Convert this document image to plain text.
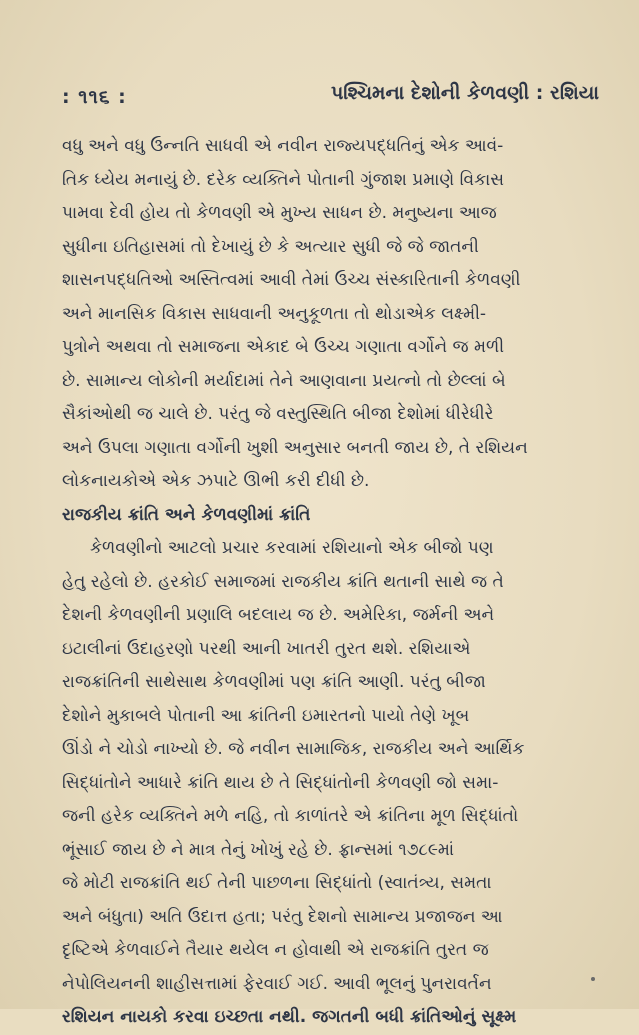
: ૧૧૬ :	પશ્ચિમના દેશોની કેળવણી : રશિયા
વધુ અને વધુ ઉન્નતિ સાધવી એ નવીન રાજ્યપદ્ધતિનું એક આવં-
તિક ધ્યેય મનાયું છે. દરેક વ્યક્તિને પોતાની ગુંજાશ પ્રમાણે વિકાસ
પામવા દેવી હોય તો કેળવણી એ મુખ્ય સાધન છે. મનુષ્યના આજ
સુધીના ઇતિહાસમાં તો દેખાયું છે કે અત્યાર સુધી જે જે જાતની
શાસનપદ્ધતિઓ અસ્તિત્વમાં આવી તેમાં ઉચ્ચ સંસ્કારિતાની કેળવણી
અને માનસિક વિકાસ સાધવાની અનુકૂળતા તો થોડાએક લક્ષ્મી-
પુત્રોને અથવા તો સમાજના એકાદ બે ઉચ્ચ ગણાતા વર્ગોને જ મળી
છે. સામાન્ય લોકોની મર્યાદામાં તેને આણવાના પ્રયત્નો તો છેલ્લાં બે
સૈકાંઓથી જ ચાલે છે. પરંતુ જે વસ્તુસ્થિતિ બીજા દેશોમાં ધીરેધીરે
અને ઉપલા ગણાતા વર્ગોની ખુશી અનુસાર બનતી જાય છે, તે રશિયન
લોકનાયકોએ એક ઝપાટે ઊભી કરી દીધી છે.
રાજકીય ક્રાંતિ અને કેળવણીમાં ક્રાંતિ
કેળવણીનો આટલો પ્રચાર કરવામાં રશિયાનો એક બીજો પણ
હેતુ રહેલો છે. હરકોઈ સમાજમાં રાજકીય ક્રાંતિ થતાની સાથે જ તે
દેશની કેળવણીની પ્રણાલિ બદલાય જ છે. અમેરિકા, જર્મની અને
ઇટાલીનાં ઉદાહરણો પરથી આની ખાતરી તુરત થશે. રશિયાએ
રાજક્રાંતિની સાથેસાથ કેળવણીમાં પણ ક્રાંતિ આણી. પરંતુ બીજા
દેશોને મુકાબલે પોતાની આ ક્રાંતિની ઇમારતનો પાયો તેણે ખૂબ
ઊંડો ને ચોડો નાખ્યો છે. જે નવીન સામાજિક, રાજકીય અને આર્થિક
સિદ્ધાંતોને આધારે ક્રાંતિ થાય છે તે સિદ્ધાંતોની કેળવણી જો સમા-
જની હરેક વ્યક્તિને મળે નહિ, તો કાળાંતરે એ ક્રાંતિના મૂળ સિદ્ધાંતો
ભૂંસાઈ જાય છે ને માત્ર તેનું ખોખું રહે છે. ફ્રાન્સમાં ૧૭૮૯માં
જે મોટી રાજક્રાંતિ થઈ તેની પાછળના સિદ્ધાંતો (સ્વાતંત્ર્ય, સમતા
અને બંધુતા) અતિ ઉદાત્ત હતા; પરંતુ દેશનો સામાન્ય પ્રજાજન આ
દૃષ્ટિએ કેળવાઈને તૈયાર થયેલ ન હોવાથી એ રાજક્રાંતિ તુરત જ
નેપોલિયનની શાહીસત્તામાં ફેરવાઈ ગઈ. આવી ભૂલનું પુનરાવર્તન
રશિયન નાયકો કરવા ઇચ્છતા નથી. જગતની બધી ક્રાંતિઓનું સૂક્ષ્મ
